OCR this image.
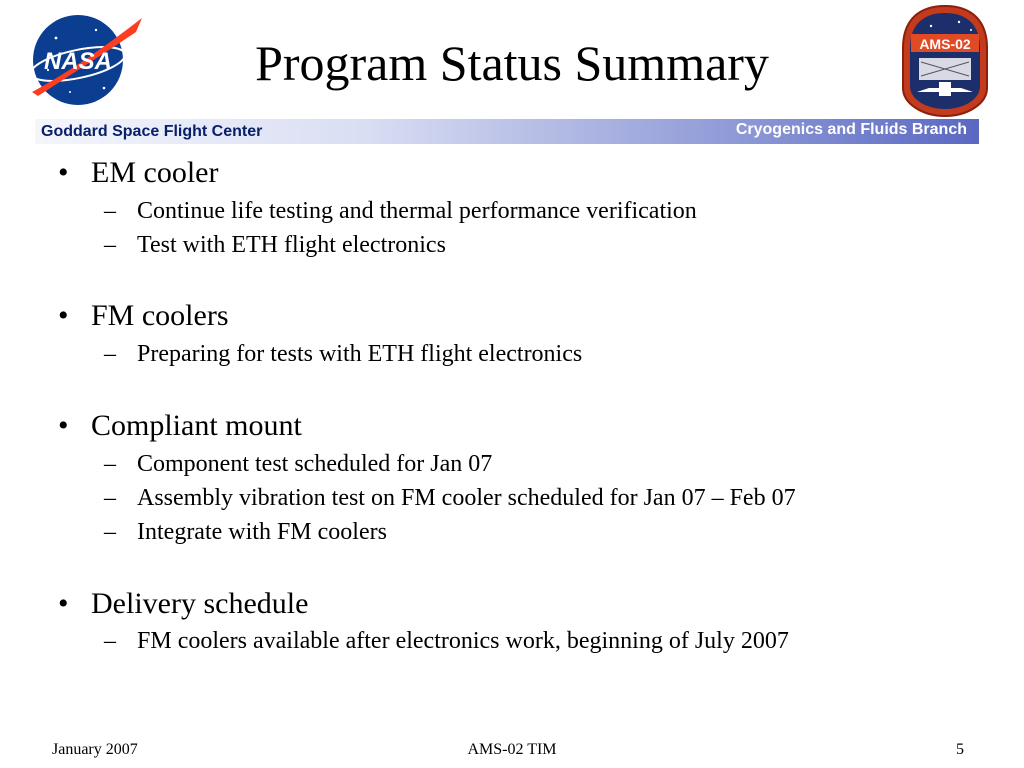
NASA	Program Status Summary	AMS-02
Goddard Space Flight Center	Cryogenics and Fluids Branch
• EM cooler
– Continue life testing and thermal performance verification
– Test with ETH flight electronics
• FM coolers
– Preparing for tests with ETH flight electronics
• Compliant mount
– Component test scheduled for Jan 07
– Assembly vibration test on FM cooler scheduled for Jan 07 – Feb 07
– Integrate with FM coolers
• Delivery schedule
– FM coolers available after electronics work, beginning of July 2007
January 2007	AMS-02 TIM	5
